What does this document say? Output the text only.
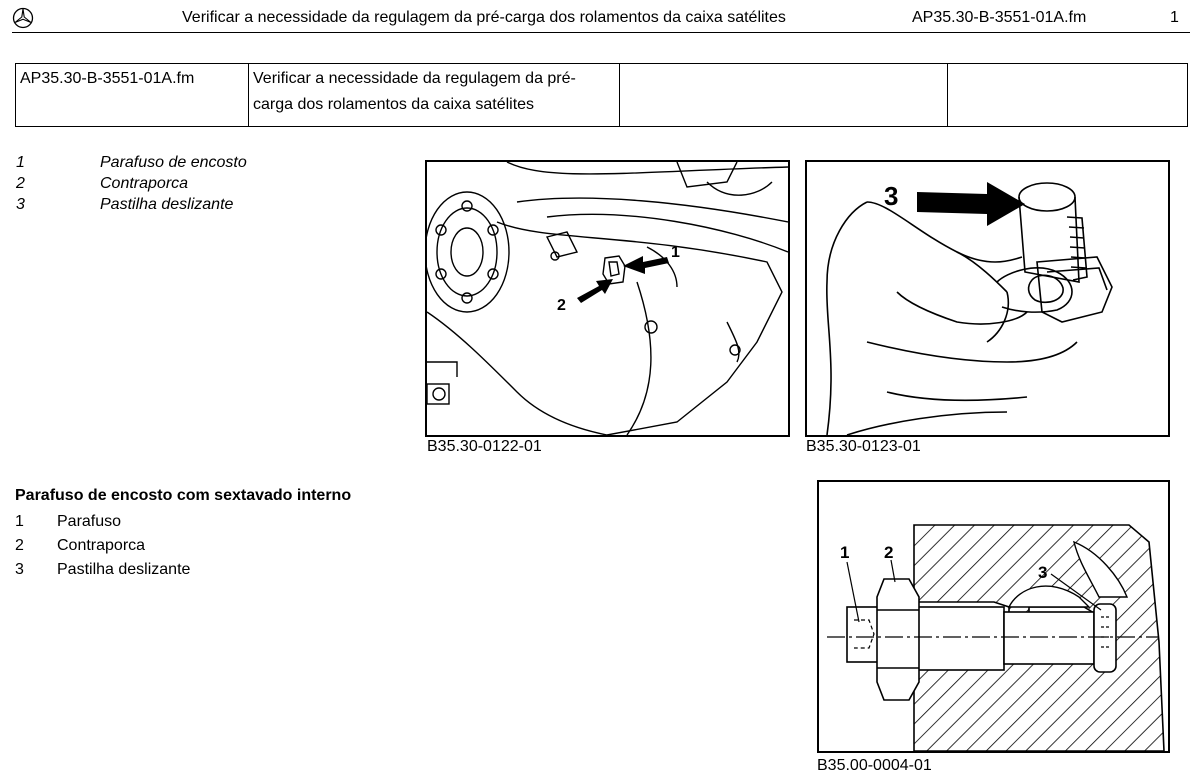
Verificar a necessidade da regulagem da pré-carga dos rolamentos da caixa satélites	AP35.30-B-3551-01A.fm	1
AP35.30-B-3551-01A.fm	Verificar a necessidade da regulagem da pré-carga dos rolamentos da caixa satélites		
1	Parafuso de encosto
2	Contraporca
3	Pastilha deslizante
Parafuso de encosto com sextavado interno
1 Parafuso
2 Contraporca
3 Pastilha deslizante
1
2
B35.30-0122-01
3
B35.30-0123-01
1 2
3
B35.00-0004-01
